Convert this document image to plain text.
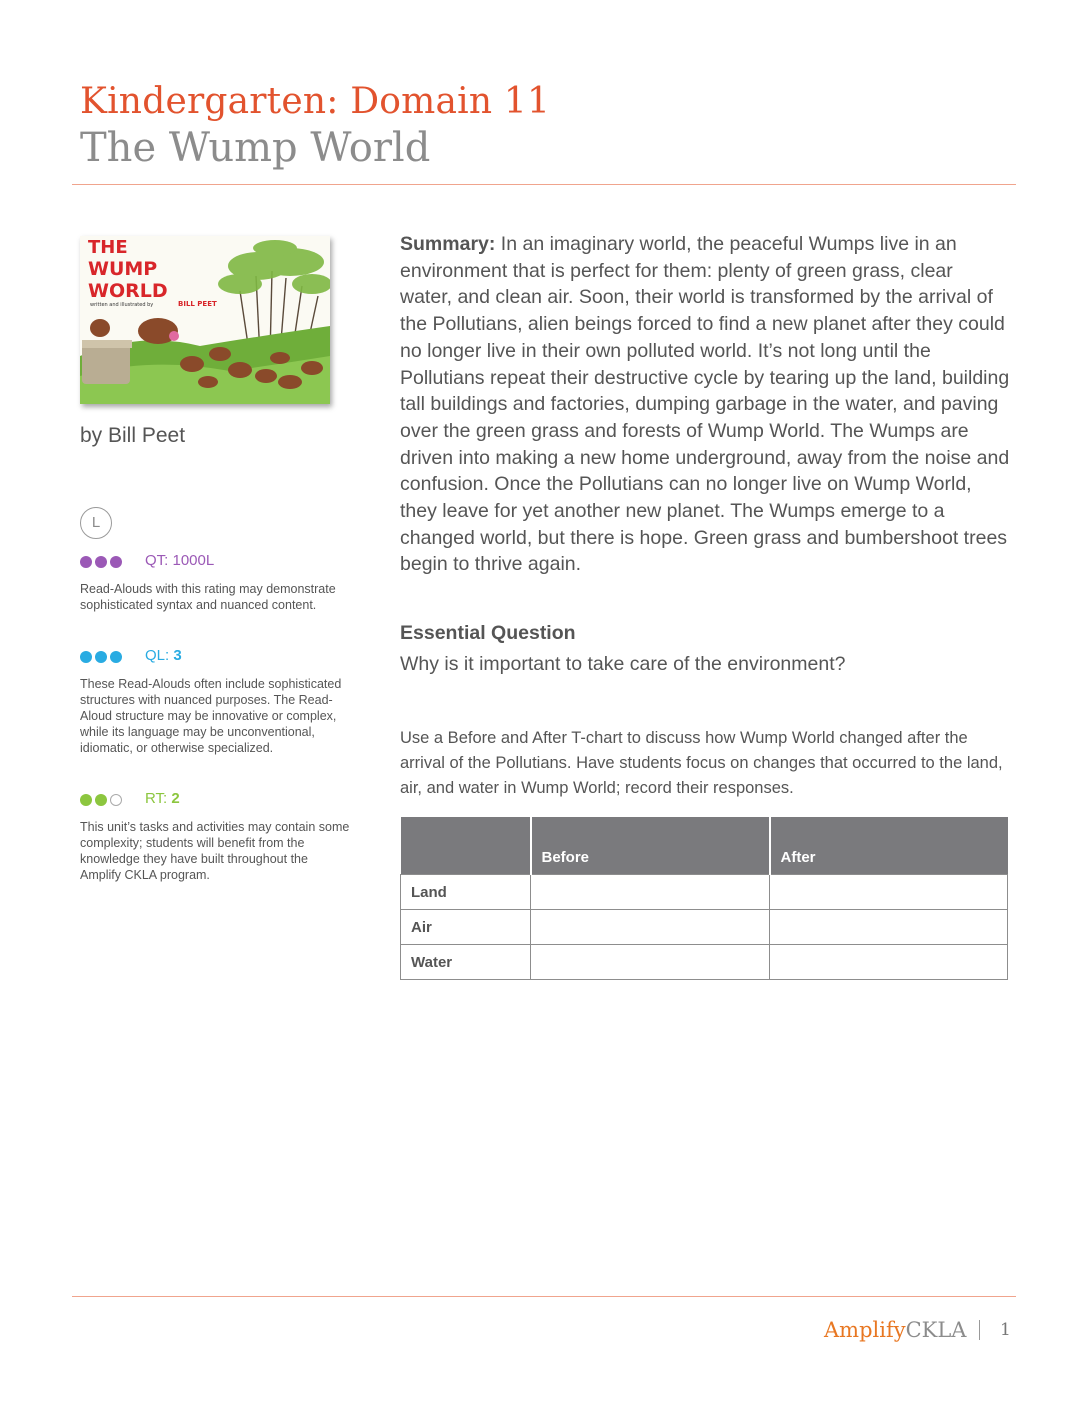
Kindergarten: Domain 11
The Wump World
THE
WUMP
WORLD
written and illustrated by	BILL PEET
by Bill Peet
L
QT: 1000L
Read-Alouds with this rating may demonstrate sophisticated syntax and nuanced content.
QL: 3
These Read-Alouds often include sophisticated structures with nuanced purposes. The Read-Aloud structure may be innovative or complex, while its language may be unconventional, idiomatic, or otherwise specialized.
RT: 2
This unit’s tasks and activities may contain some complexity; students will benefit from the knowledge they have built throughout the Amplify CKLA program.
Summary: In an imaginary world, the peaceful Wumps live in an environment that is perfect for them: plenty of green grass, clear water, and clean air. Soon, their world is transformed by the arrival of the Pollutians, alien beings forced to find a new planet after they could no longer live in their own polluted world. It’s not long until the Pollutians repeat their destructive cycle by tearing up the land, building tall buildings and factories, dumping garbage in the water, and paving over the green grass and forests of Wump World. The Wumps are driven into making a new home underground, away from the noise and confusion. Once the Pollutians can no longer live on Wump World, they leave for yet another new planet. The Wumps emerge to a changed world, but there is hope. Green grass and bumbershoot trees begin to thrive again.
Essential Question
Why is it important to take care of the environment?
Use a Before and After T-chart to discuss how Wump World changed after the arrival of the Pollutians. Have students focus on changes that occurred to the land, air, and water in Wump World; record their responses.
	Before	After
Land		
Air		
Water		
AmplifyCKLA 1
